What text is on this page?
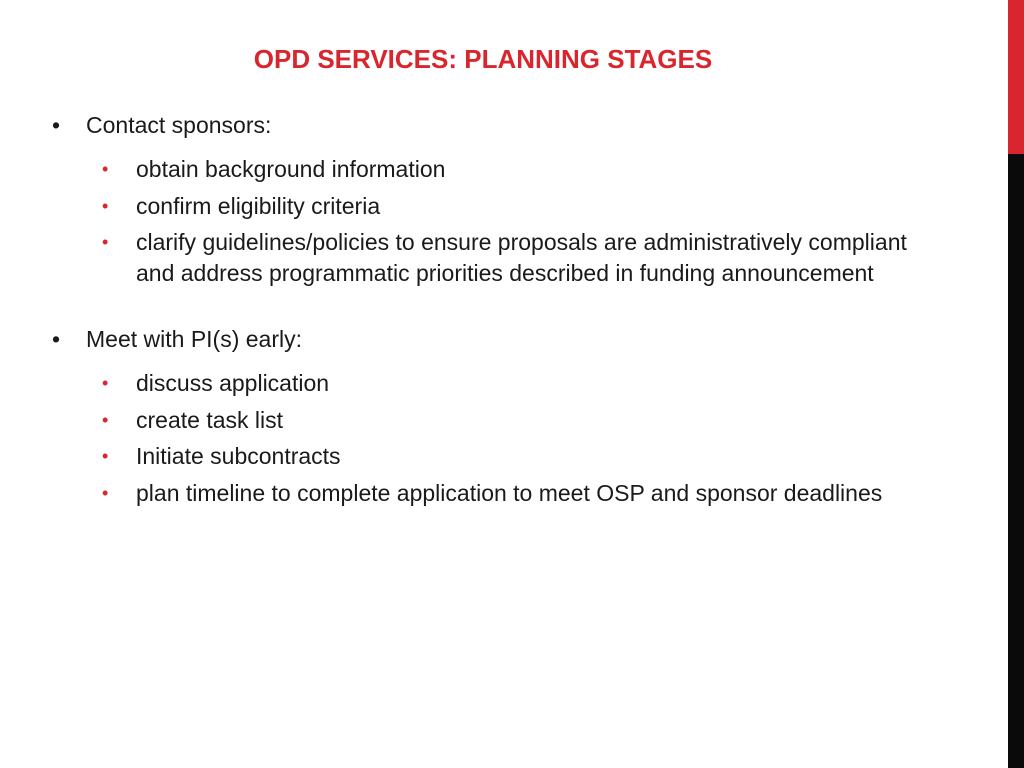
OPD SERVICES: PLANNING STAGES
•	Contact sponsors:
•	obtain background information
•	confirm eligibility criteria
•	clarify guidelines/policies to ensure proposals are administratively compliant and address programmatic priorities described in funding announcement
•	Meet with PI(s) early:
•	discuss application
•	create task list
•	Initiate subcontracts
•	plan timeline to complete application to meet OSP and sponsor deadlines
